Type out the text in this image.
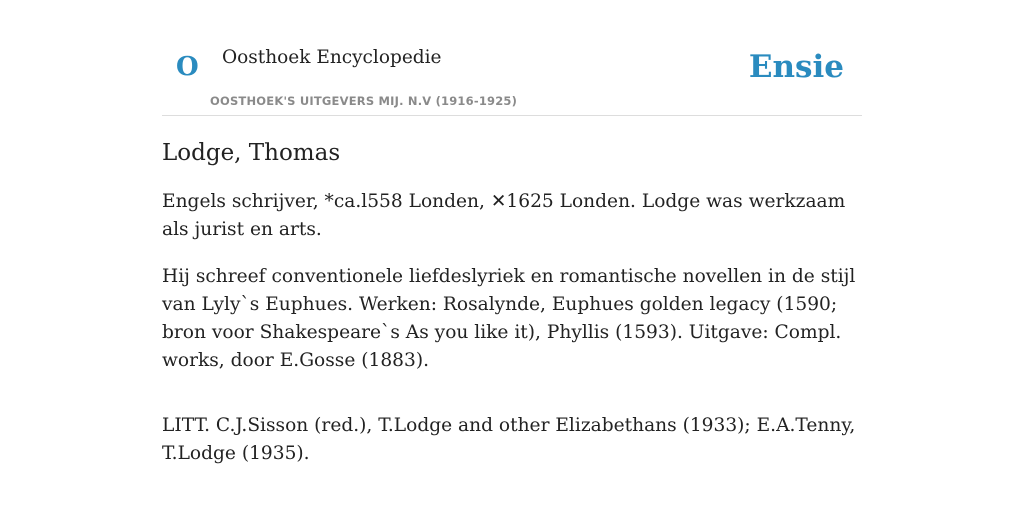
O Oosthoek Encyclopedie
OOSTHOEK'S UITGEVERS MIJ. N.V (1916-1925)
Ensie
Lodge, Thomas

Engels schrijver, *ca.l558 Londen, ✕1625 Londen. Lodge was werkzaam als jurist en arts.

Hij schreef conventionele liefdeslyriek en romantische novellen in de stijl van Lyly`s Euphues. Werken: Rosalynde, Euphues golden legacy (1590; bron voor Shakespeare`s As you like it), Phyllis (1593). Uitgave: Compl. works, door E.Gosse (1883).

LITT. C.J.Sisson (red.), T.Lodge and other Elizabethans (1933); E.A.Tenny, T.Lodge (1935).
